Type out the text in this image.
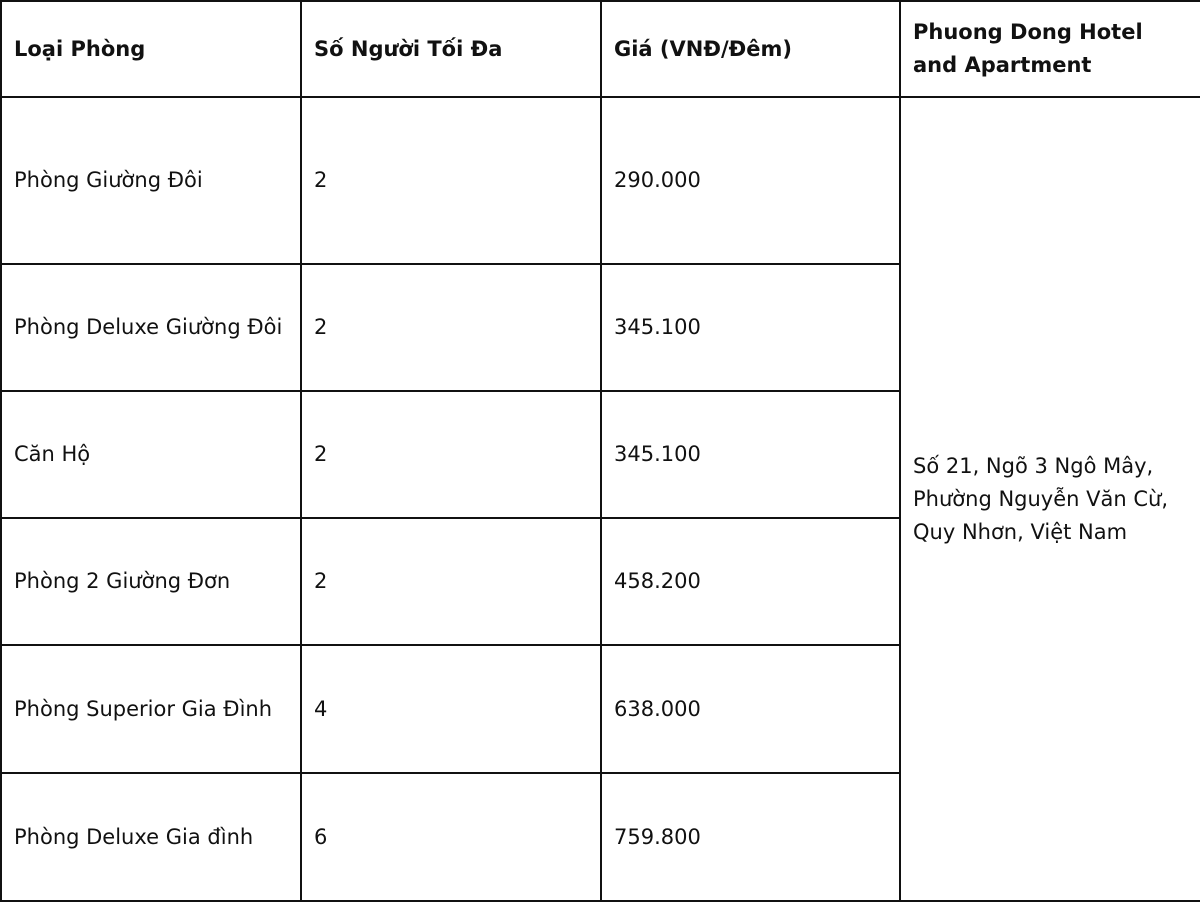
Loại Phòng	Số Người Tối Đa	Giá (VNĐ/Đêm)	Phuong Dong Hotel and Apartment
Phòng Giường Đôi	2	290.000	Số 21, Ngõ 3 Ngô Mây, Phường Nguyễn Văn Cừ, Quy Nhơn, Việt Nam
Phòng Deluxe Giường Đôi	2	345.100	
Căn Hộ	2	345.100	
Phòng 2 Giường Đơn	2	458.200	
Phòng Superior Gia Đình	4	638.000	
Phòng Deluxe Gia đình	6	759.800	
